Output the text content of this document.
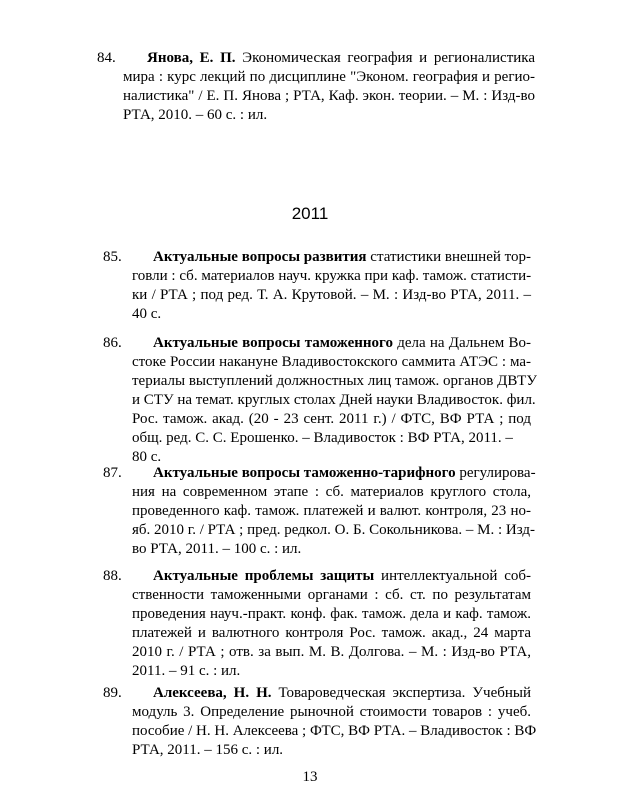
84. Янова, Е. П. Экономическая география и регионалистика
мира : курс лекций по дисциплине "Эконом. география и регио-
налистика" / Е. П. Янова ; РТА, Каф. экон. теории. – М. : Изд-во
РТА, 2010. – 60 с. : ил.
2011
85. Актуальные вопросы развития статистики внешней тор-
говли : сб. материалов науч. кружка при каф. тамож. статисти-
ки / РТА ; под ред. Т. А. Крутовой. – М. : Изд-во РТА, 2011. –
40 с.
86. Актуальные вопросы таможенного дела на Дальнем Во-
стоке России накануне Владивостокского саммита АТЭС : ма-
териалы выступлений должностных лиц тамож. органов ДВТУ
и СТУ на темат. круглых столах Дней науки Владивосток. фил.
Рос. тамож. акад. (20 - 23 сент. 2011 г.) / ФТС, ВФ РТА ; под
общ. ред. С. С. Ерошенко. – Владивосток : ВФ РТА, 2011. –
80 с.
87. Актуальные вопросы таможенно-тарифного регулирова-
ния на современном этапе : сб. материалов круглого стола,
проведенного каф. тамож. платежей и валют. контроля, 23 но-
яб. 2010 г. / РТА ; пред. редкол. О. Б. Сокольникова. – М. : Изд-
во РТА, 2011. – 100 с. : ил.
88. Актуальные проблемы защиты интеллектуальной соб-
ственности таможенными органами : сб. ст. по результатам
проведения науч.-практ. конф. фак. тамож. дела и каф. тамож.
платежей и валютного контроля Рос. тамож. акад., 24 марта
2010 г. / РТА ; отв. за вып. М. В. Долгова. – М. : Изд-во РТА,
2011. – 91 с. : ил.
89. Алексеева, Н. Н. Товароведческая экспертиза. Учебный
модуль 3. Определение рыночной стоимости товаров : учеб.
пособие / Н. Н. Алексеева ; ФТС, ВФ РТА. – Владивосток : ВФ
РТА, 2011. – 156 с. : ил.
13
